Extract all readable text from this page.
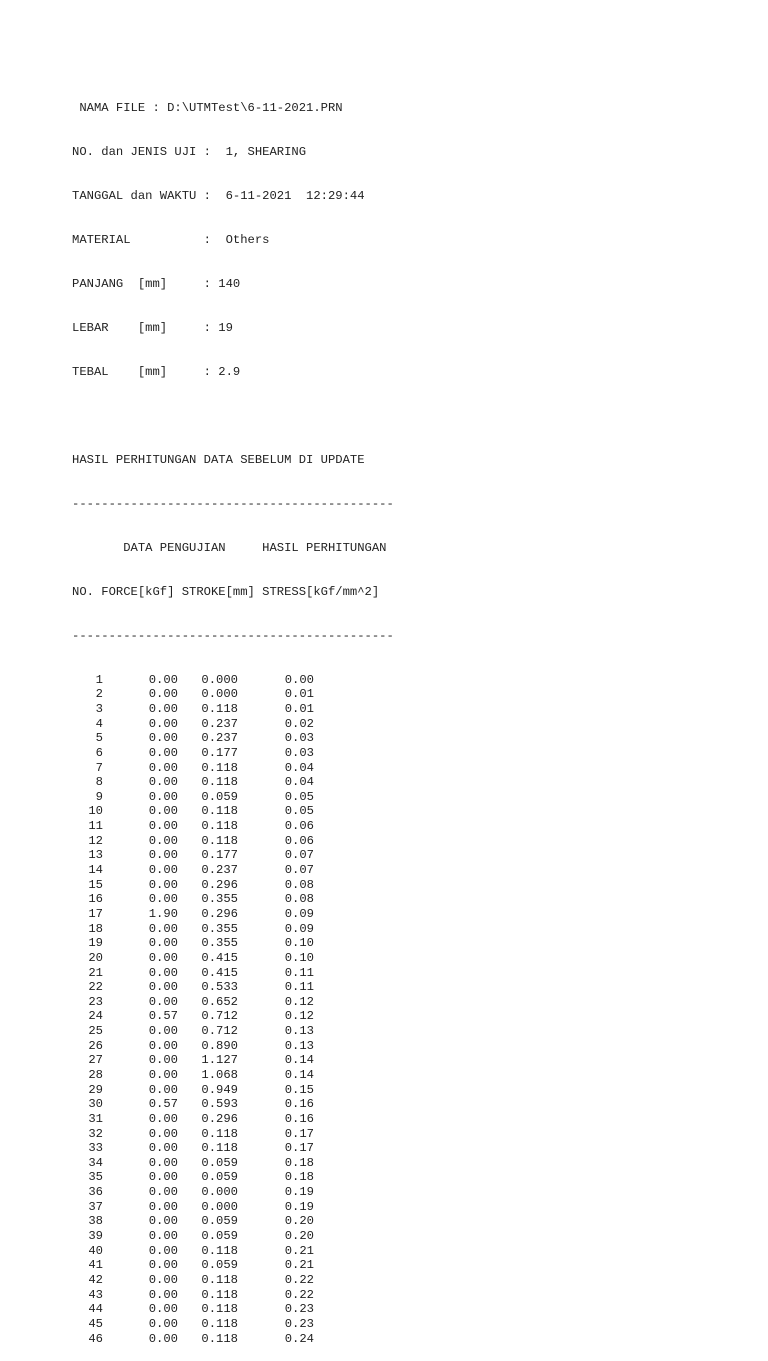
NAMA FILE : D:\UTMTest\6-11-2021.PRN

NO. dan JENIS UJI :  1, SHEARING

TANGGAL dan WAKTU :  6-11-2021  12:29:44

MATERIAL          :  Others

PANJANG  [mm]     : 140

LEBAR    [mm]     : 19

TEBAL    [mm]     : 2.9

HASIL PERHITUNGAN DATA SEBELUM DI UPDATE

--------------------------------------------

DATA PENGUJIAN     HASIL PERHITUNGAN

NO. FORCE[kGf] STROKE[mm] STRESS[kGf/mm^2]

--------------------------------------------

1	0.00 0.000	0.00
2	0.00 0.000	0.01
3	0.00 0.118	0.01
4	0.00 0.237	0.02
5	0.00 0.237	0.03
6	0.00 0.177	0.03
7	0.00 0.118	0.04
8	0.00 0.118	0.04
9	0.00 0.059	0.05
10	0.00 0.118	0.05
11	0.00 0.118	0.06
12	0.00 0.118	0.06
13	0.00 0.177	0.07
14	0.00 0.237	0.07
15	0.00 0.296	0.08
16	0.00 0.355	0.08
17	1.90 0.296	0.09
18	0.00 0.355	0.09
19	0.00 0.355	0.10
20	0.00 0.415	0.10
21	0.00 0.415	0.11
22	0.00 0.533	0.11
23	0.00 0.652	0.12
24	0.57 0.712	0.12
25	0.00 0.712	0.13
26	0.00 0.890	0.13
27	0.00 1.127	0.14
28	0.00 1.068	0.14
29	0.00 0.949	0.15
30	0.57 0.593	0.16
31	0.00 0.296	0.16
32	0.00 0.118	0.17
33	0.00 0.118	0.17
34	0.00 0.059	0.18
35	0.00 0.059	0.18
36	0.00 0.000	0.19
37	0.00 0.000	0.19
38	0.00 0.059	0.20
39	0.00 0.059	0.20
40	0.00 0.118	0.21
41	0.00 0.059	0.21
42	0.00 0.118	0.22
43	0.00 0.118	0.22
44	0.00 0.118	0.23
45	0.00 0.118	0.23
46	0.00 0.118	0.24
